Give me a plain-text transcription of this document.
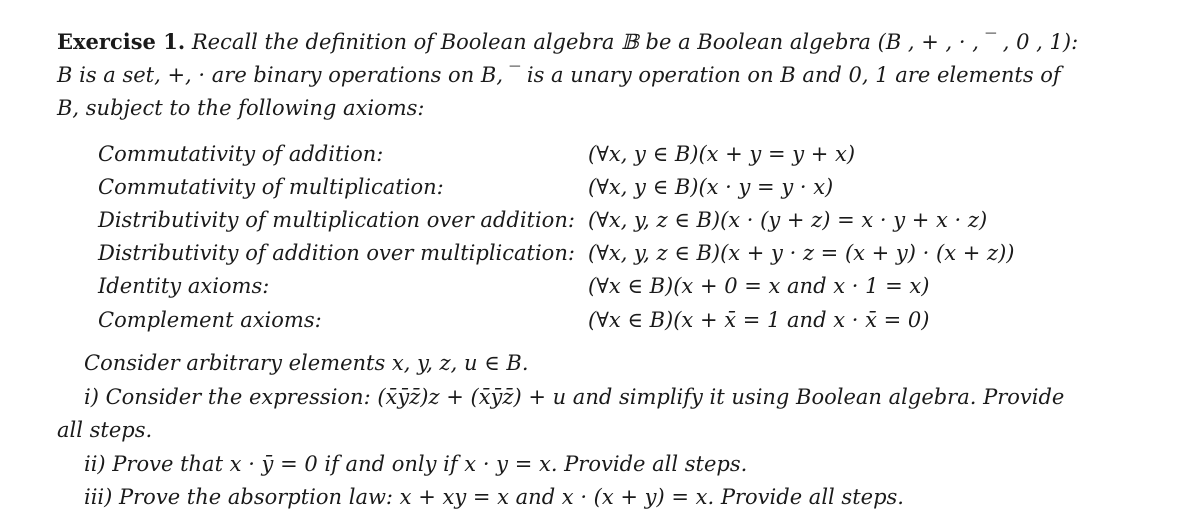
Exercise 1. Recall the definition of Boolean algebra 𝔹 be a Boolean algebra (B , + , · , ‾ , 0 , 1):
B is a set, +, · are binary operations on B, ‾ is a unary operation on B and 0, 1 are elements of
B, subject to the following axioms:
Commutativity of addition:	(∀x, y ∈ B)(x + y = y + x)
Commutativity of multiplication:	(∀x, y ∈ B)(x · y = y · x)
Distributivity of multiplication over addition: (∀x, y, z ∈ B)(x · (y + z) = x · y + x · z)
Distributivity of addition over multiplication: (∀x, y, z ∈ B)(x + y · z = (x + y) · (x + z))
Identity axioms:	(∀x ∈ B)(x + 0 = x and x · 1 = x)
Complement axioms:	(∀x ∈ B)(x + x̄ = 1 and x · x̄ = 0)
Consider arbitrary elements x, y, z, u ∈ B.
i) Consider the expression: (x̄ȳz̄)z + (x̄ȳz̄) + u and simplify it using Boolean algebra. Provide
all steps.
ii) Prove that x · ȳ = 0 if and only if x · y = x. Provide all steps.
iii) Prove the absorption law: x + xy = x and x · (x + y) = x. Provide all steps.
